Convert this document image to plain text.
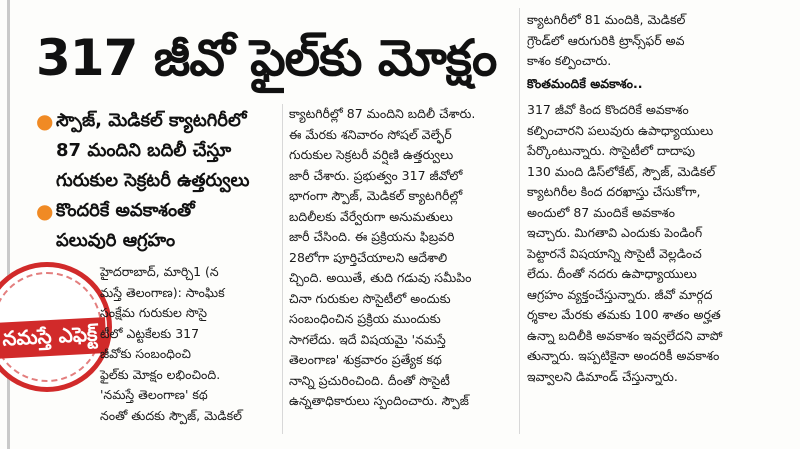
317 జీవో ఫైల్‌కు మోక్షం
● స్పౌజ్‌, మెడికల్‌ క్యాటగిరీలో
87 మందిని బదిలీ చేస్తూ
గురుకుల సెక్రటరీ ఉత్తర్వులు
● కొందరికే అవకాశంతో
పలువురి ఆగ్రహం
నమస్తే ఎఫెక్ట్‌
హైదరాబాద్‌, మార్చి1 (న
మస్తే తెలంగాణ): సాంఘిక
సంక్షేమ గురుకుల సొసై
టీలో ఎట్టకేలకు 317
జీవోకు సంబంధించి
ఫైల్‌కు మోక్షం లభించింది.
'నమస్తే తెలంగాణ' కథ
నంతో తుదకు స్పౌజ్‌, మెడికల్‌
క్యాటగిరీల్లో 87 మందిని బదిలీ చేశారు.
ఈ మేరకు శనివారం సోషల్‌ వెల్ఫేర్‌
గురుకుల సెక్రటరీ వర్షిణి ఉత్తర్వులు
జారీ చేశారు. ప్రభుత్వం 317 జీవోలో
భాగంగా స్పౌజ్‌, మెడికల్‌ క్యాటగిరీల్లో
బదిలీలకు వేర్వేరుగా అనుమతులు
జారీ చేసింది. ఈ ప్రక్రియను ఫిబ్రవరి
28లోగా పూర్తిచేయాలని ఆదేశాలి
చ్చింది. అయితే, తుది గడువు సమీపిం
చినా గురుకుల సొసైటీలో అందుకు
సంబంధించిన ప్రక్రియ ముందుకు
సాగలేదు. ఇదే విషయమై 'నమస్తే
తెలంగాణ' శుక్రవారం ప్రత్యేక కథ
నాన్ని ప్రచురించింది. దీంతో సొసైటీ
ఉన్నతాధికారులు స్పందించారు. స్పౌజ్‌
క్యాటగిరీలో 81 మందికి, మెడికల్‌
గ్రౌండ్‌లో ఆరుగురికి ట్రాన్స్‌ఫర్‌ అవ
కాశం కల్పించారు.
కొంతమందికే అవకాశం..
317 జీవో కింద కొందరికే అవకాశం
కల్పించారని పలువురు ఉపాధ్యాయులు
పేర్కొంటున్నారు. సొసైటీలో దాదాపు
130 మంది డిస్‌లోకేట్‌, స్పౌజ్‌, మెడికల్‌
క్యాటగిరీల కింద దరఖాస్తు చేసుకోగా,
అందులో 87 మందికే అవకాశం
ఇచ్చారు. మిగతావి ఎందుకు పెండింగ్‌
పెట్టారనే విషయాన్ని సొసైటీ వెల్లడించ
లేదు. దీంతో నదరు ఉపాధ్యాయులు
ఆగ్రహం వ్యక్తంచేస్తున్నారు. జీవో మార్గద
ర్శకాల మేరకు తమకు 100 శాతం అర్హత
ఉన్నా బదిలీకి అవకాశం ఇవ్వలేదని వాపో
తున్నారు. ఇప్పటికైనా అందరికీ అవకాశం
ఇవ్వాలని డిమాండ్‌ చేస్తున్నారు.
